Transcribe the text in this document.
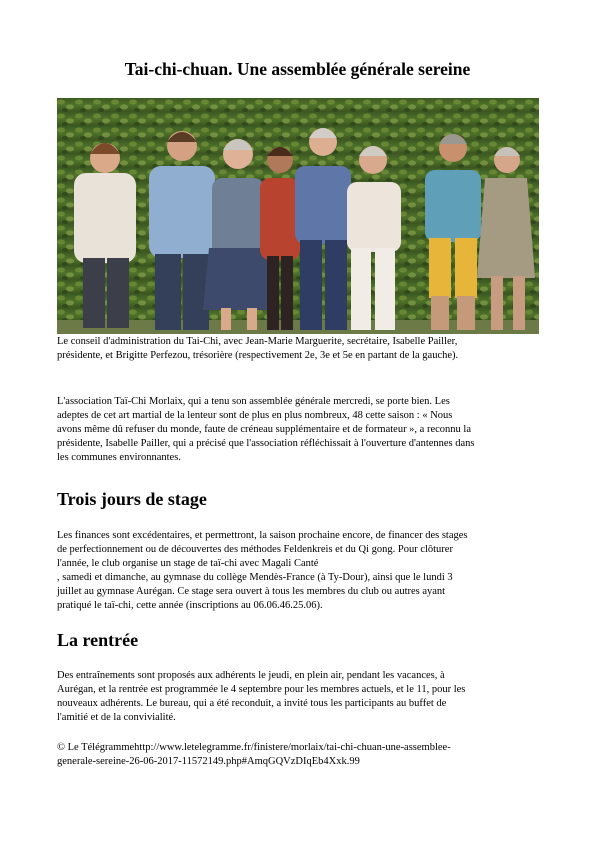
Tai-chi-chuan. Une assemblée générale sereine

Le conseil d'administration du Tai-Chi, avec Jean-Marie Marguerite, secrétaire, Isabelle Pailler,
présidente, et Brigitte Perfezou, trésorière (respectivement 2e, 3e et 5e en partant de la gauche).

L'association Taï-Chi Morlaix, qui a tenu son assemblée générale mercredi, se porte bien. Les
adeptes de cet art martial de la lenteur sont de plus en plus nombreux, 48 cette saison : « Nous
avons même dû refuser du monde, faute de créneau supplémentaire et de formateur », a reconnu la
présidente, Isabelle Pailler, qui a précisé que l'association réfléchissait à l'ouverture d'antennes dans
les communes environnantes.

Trois jours de stage

Les finances sont excédentaires, et permettront, la saison prochaine encore, de financer des stages
de perfectionnement ou de découvertes des méthodes Feldenkreis et du Qi gong. Pour clôturer
l'année, le club organise un stage de taï-chi avec Magali Canté
, samedi et dimanche, au gymnase du collège Mendès-France (à Ty-Dour), ainsi que le lundi 3
juillet au gymnase Aurégan. Ce stage sera ouvert à tous les membres du club ou autres ayant
pratiqué le taï-chi, cette année (inscriptions au 06.06.46.25.06).

La rentrée

Des entraînements sont proposés aux adhérents le jeudi, en plein air, pendant les vacances, à
Aurégan, et la rentrée est programmée le 4 septembre pour les membres actuels, et le 11, pour les
nouveaux adhérents. Le bureau, qui a été reconduit, a invité tous les participants au buffet de
l'amitié et de la convivialité.

© Le Télégrammehttp://www.letelegramme.fr/finistere/morlaix/tai-chi-chuan-une-assemblee-
generale-sereine-26-06-2017-11572149.php#AmqGQVzDIqEb4Xxk.99
